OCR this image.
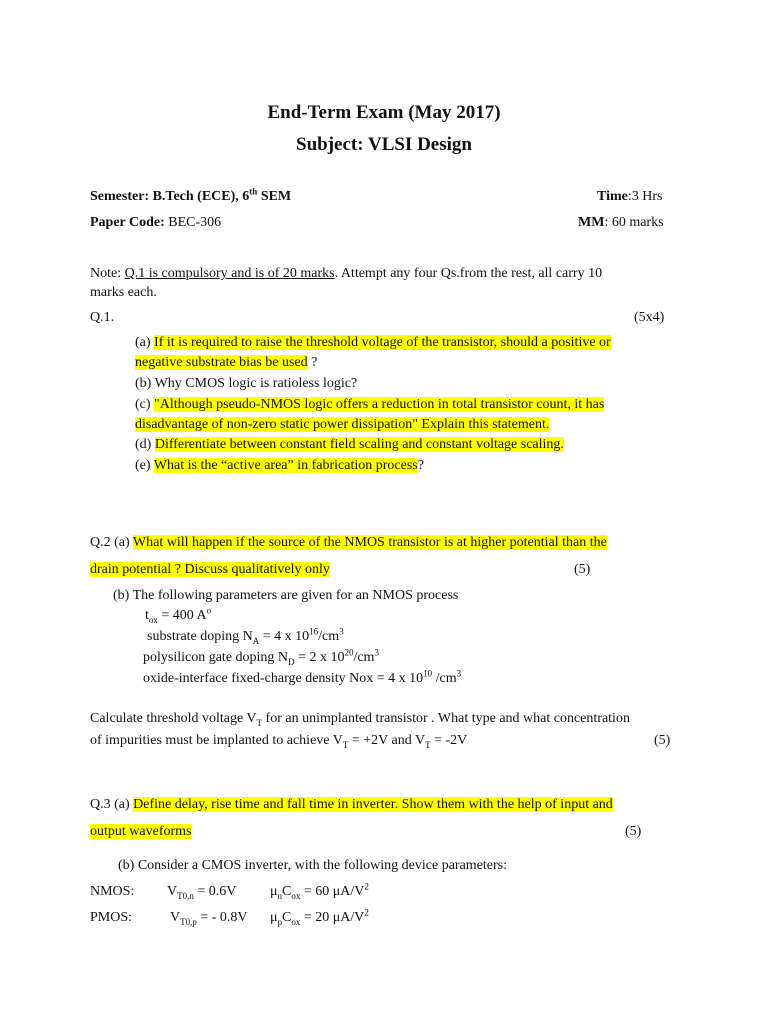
End-Term Exam (May 2017)
Subject: VLSI Design
Semester: B.Tech (ECE), 6th SEM	Time:3 Hrs
Paper Code: BEC-306	MM: 60 marks
Note: Q.1 is compulsory and is of 20 marks. Attempt any four Qs.from the rest, all carry 10
marks each.
Q.1.	(5x4)
(a) If it is required to raise the threshold voltage of the transistor, should a positive or
negative substrate bias be used ?
(b) Why CMOS logic is ratioless logic?
(c) "Although pseudo-NMOS logic offers a reduction in total transistor count, it has
disadvantage of non-zero static power dissipation" Explain this statement.
(d) Differentiate between constant field scaling and constant voltage scaling.
(e) What is the “active area” in fabrication process?
Q.2 (a) What will happen if the source of the NMOS transistor is at higher potential than the
drain potential ? Discuss qualitatively only	(5)
(b) The following parameters are given for an NMOS process
$t_{ox} = 400$ $A^o$
substrate doping $N_A = 4$ x $10^{16}/cm^3$
polysilicon gate doping $N_D = 2$ x $10^{20}/cm^3$
oxide-interface fixed-charge density Nox = 4 x $10^{10}$ $/cm^3$
Calculate threshold voltage $V_T$ for an unimplanted transistor . What type and what concentration
of impurities must be implanted to achieve $V_T = +2V$ and $V_T = -2V$	(5)
Q.3 (a) Define delay, rise time and fall time in inverter. Show them with the help of input and
output waveforms	(5)
(b) Consider a CMOS inverter, with the following device parameters:
NMOS: $V_{T0,n} = 0.6V$ $\mu_nC_{ox} = 60$ $\mu A/V^2$
PMOS:	$V_{T0,p}$ = - 0.8V $\mu_pC_{ox} = 20$ $\mu A/V^2$
